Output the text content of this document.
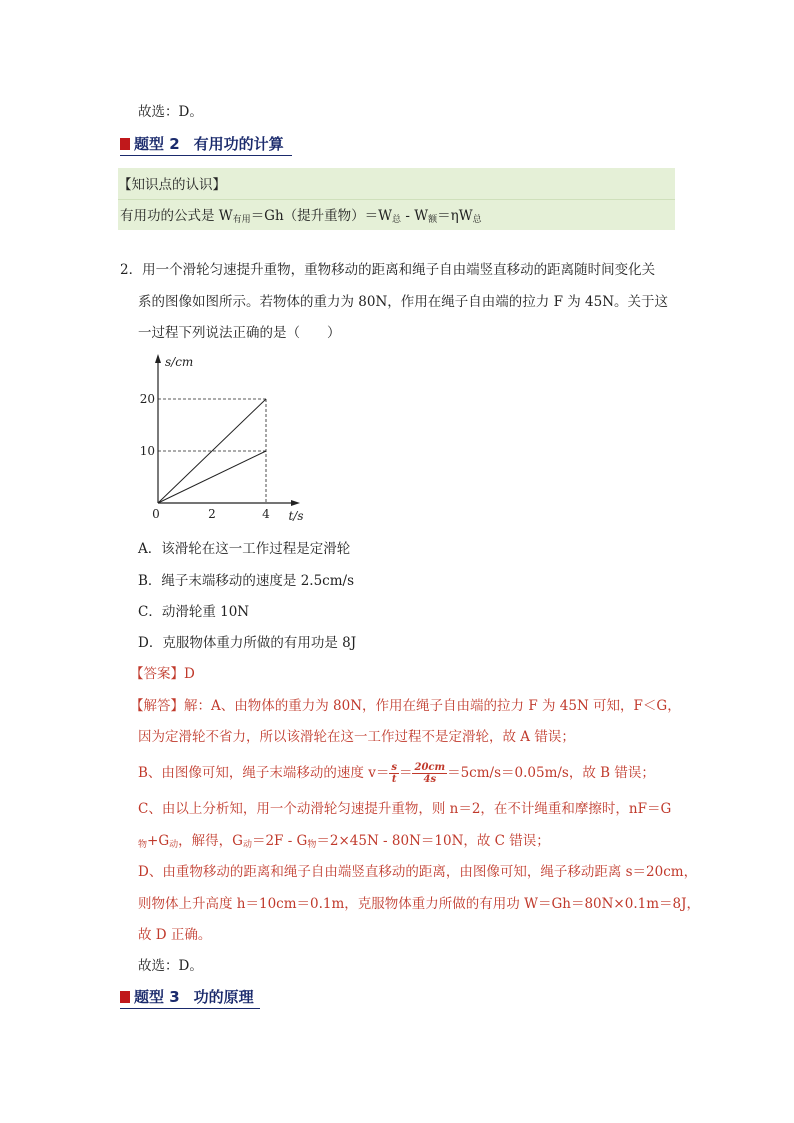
故选：D。
题型 2 有用功的计算
【知识点的认识】
有用功的公式是 $W_{有用}=Gh$（提升重物）$=W_总 - W_额=\eta W_总$
2．用一个滑轮匀速提升重物，重物移动的距离和绳子自由端竖直移动的距离随时间变化关
系的图像如图所示。若物体的重力为 80N，作用在绳子自由端的拉力 F 为 45N。关于这
一过程下列说法正确的是（　　）
0	2	4
10
20
t/s
s/cm
A．该滑轮在这一工作过程是定滑轮
B．绳子末端移动的速度是 2.5cm/s
C．动滑轮重 10N
D．克服物体重力所做的有用功是 8J
【答案】D
【解答】解：A、由物体的重力为 80N，作用在绳子自由端的拉力 F 为 45N 可知，F＜G，
因为定滑轮不省力，所以该滑轮在这一工作过程不是定滑轮，故 A 错误；
B、由图像可知，绳子末端移动的速度 $v= \frac{s}{t} = \frac{20cm}{4s} =5cm/s=0.05m/s$，故 B 错误；
C、由以上分析知，用一个动滑轮匀速提升重物，则 n＝2，在不计绳重和摩擦时，nF＝G
$_物+G_动$，解得，$G_动=2F - G_物=2\times 45N - 80N=10N$，故 C 错误；
D、由重物移动的距离和绳子自由端竖直移动的距离，由图像可知，绳子移动距离 s＝20cm，
则物体上升高度 h＝10cm＝0.1m，克服物体重力所做的有用功 W＝Gh＝80N×0.1m＝8J，
故 D 正确。
故选：D。
题型 3 功的原理
